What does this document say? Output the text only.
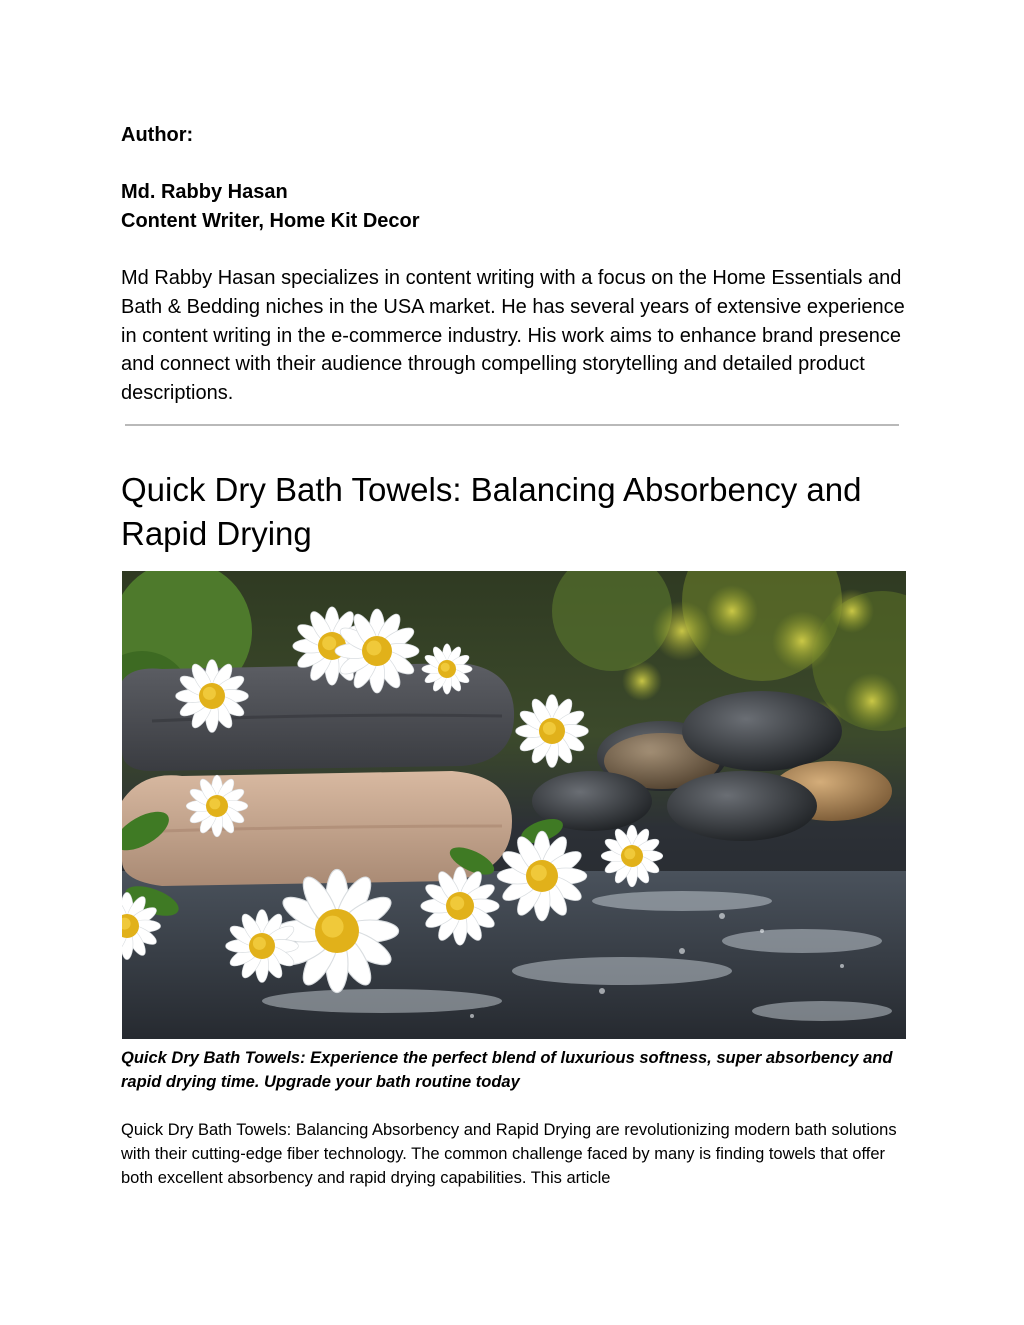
Author:

Md. Rabby Hasan

Content Writer, Home Kit Decor

Md Rabby Hasan specializes in content writing with a focus on the Home Essentials and Bath & Bedding niches in the USA market. He has several years of extensive experience in content writing in the e-commerce industry. His work aims to enhance brand presence and connect with their audience through compelling storytelling and detailed product descriptions.

Quick Dry Bath Towels: Balancing Absorbency and Rapid Drying

Quick Dry Bath Towels: Experience the perfect blend of luxurious softness, super absorbency and rapid drying time. Upgrade your bath routine today

Quick Dry Bath Towels: Balancing Absorbency and Rapid Drying are revolutionizing modern bath solutions with their cutting-edge fiber technology. The common challenge faced by many is finding towels that offer both excellent absorbency and rapid drying capabilities. This article
